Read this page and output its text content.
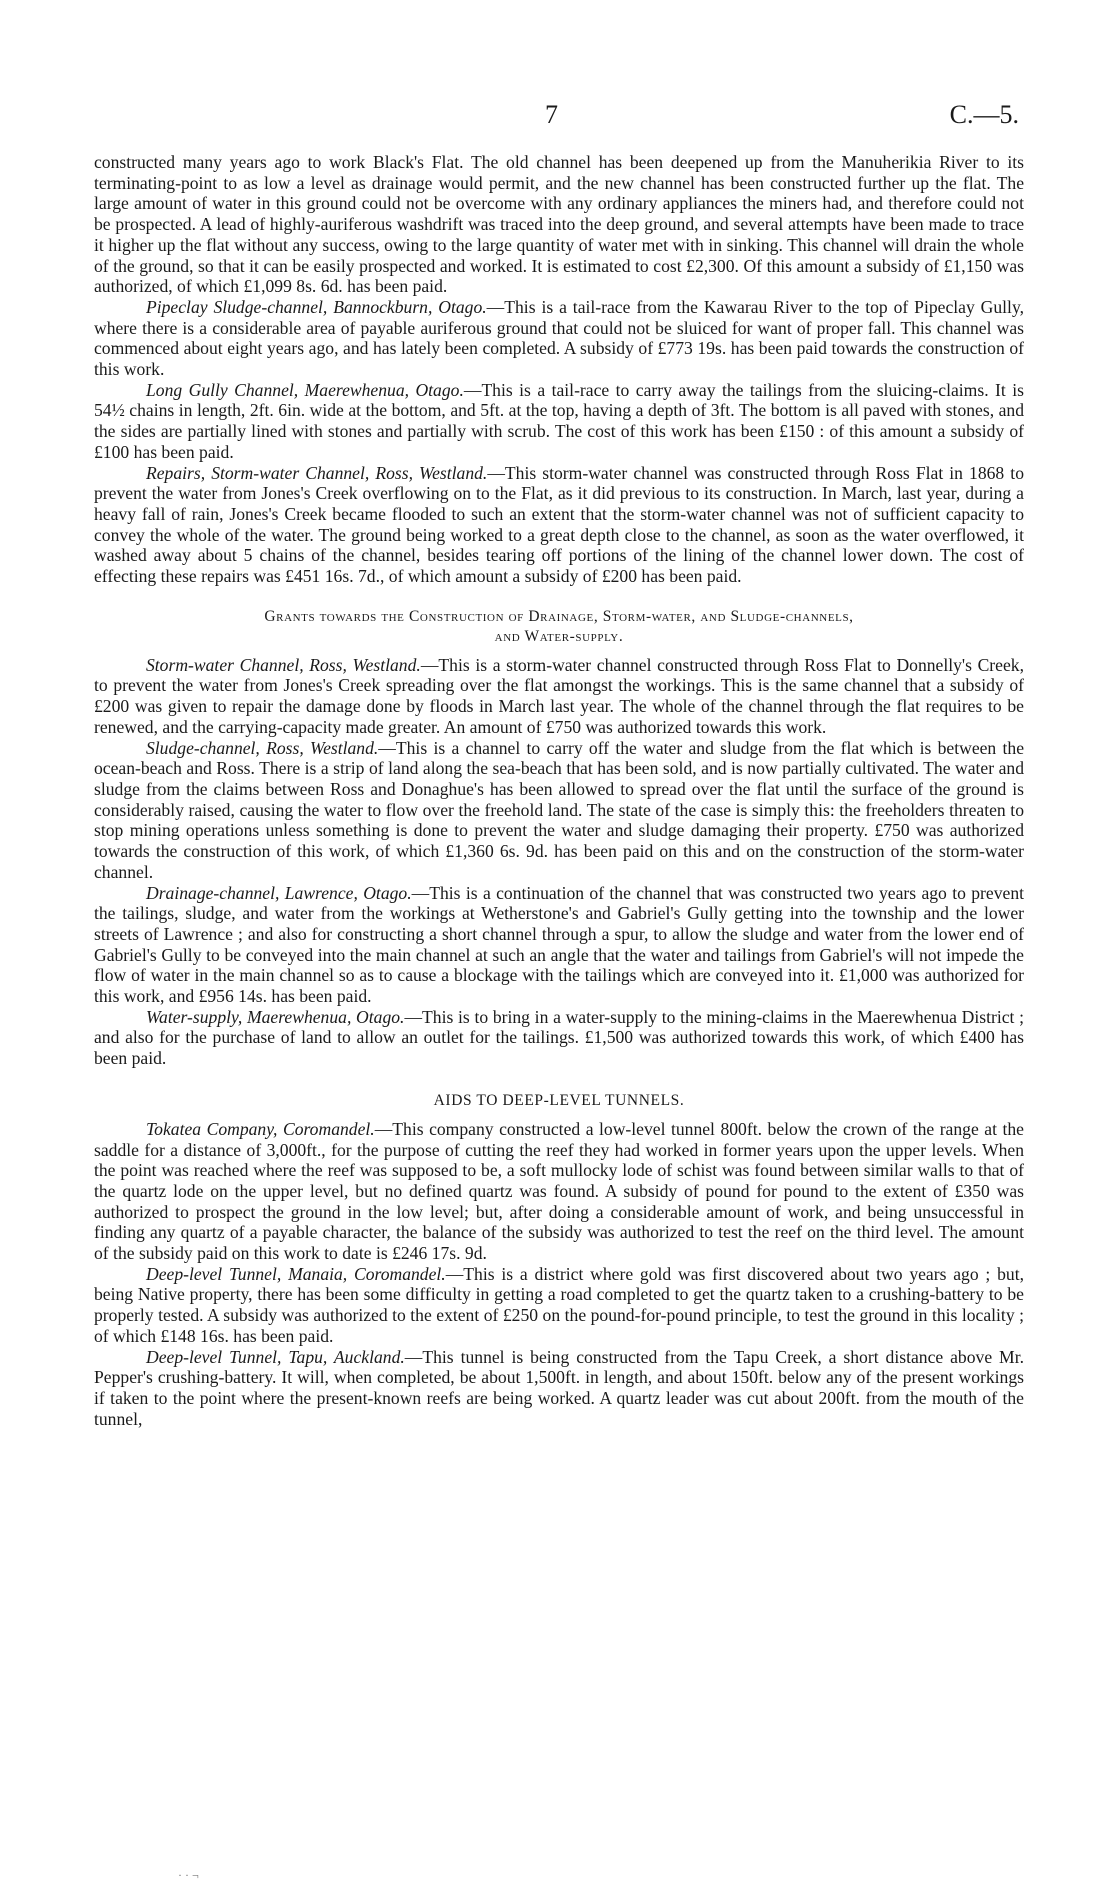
7	C.—5.

constructed many years ago to work Black's Flat. The old channel has been deepened up from the Manuherikia River to its terminating-point to as low a level as drainage would permit, and the new channel has been constructed further up the flat. The large amount of water in this ground could not be overcome with any ordinary appliances the miners had, and therefore could not be prospected. A lead of highly-auriferous washdrift was traced into the deep ground, and several attempts have been made to trace it higher up the flat without any success, owing to the large quantity of water met with in sinking. This channel will drain the whole of the ground, so that it can be easily prospected and worked. It is estimated to cost £2,300. Of this amount a subsidy of £1,150 was authorized, of which £1,099 8s. 6d. has been paid.

Pipeclay Sludge-channel, Bannockburn, Otago.—This is a tail-race from the Kawarau River to the top of Pipeclay Gully, where there is a considerable area of payable auriferous ground that could not be sluiced for want of proper fall. This channel was commenced about eight years ago, and has lately been completed. A subsidy of £773 19s. has been paid towards the construction of this work.

Long Gully Channel, Maerewhenua, Otago.—This is a tail-race to carry away the tailings from the sluicing-claims. It is 54½ chains in length, 2ft. 6in. wide at the bottom, and 5ft. at the top, having a depth of 3ft. The bottom is all paved with stones, and the sides are partially lined with stones and partially with scrub. The cost of this work has been £150 : of this amount a subsidy of £100 has been paid.

Repairs, Storm-water Channel, Ross, Westland.—This storm-water channel was constructed through Ross Flat in 1868 to prevent the water from Jones's Creek overflowing on to the Flat, as it did previous to its construction. In March, last year, during a heavy fall of rain, Jones's Creek became flooded to such an extent that the storm-water channel was not of sufficient capacity to convey the whole of the water. The ground being worked to a great depth close to the channel, as soon as the water overflowed, it washed away about 5 chains of the channel, besides tearing off portions of the lining of the channel lower down. The cost of effecting these repairs was £451 16s. 7d., of which amount a subsidy of £200 has been paid.

Grants towards the Construction of Drainage, Storm-water, and Sludge-channels,
and Water-supply.

Storm-water Channel, Ross, Westland.—This is a storm-water channel constructed through Ross Flat to Donnelly's Creek, to prevent the water from Jones's Creek spreading over the flat amongst the workings. This is the same channel that a subsidy of £200 was given to repair the damage done by floods in March last year. The whole of the channel through the flat requires to be renewed, and the carrying-capacity made greater. An amount of £750 was authorized towards this work.

Sludge-channel, Ross, Westland.—This is a channel to carry off the water and sludge from the flat which is between the ocean-beach and Ross. There is a strip of land along the sea-beach that has been sold, and is now partially cultivated. The water and sludge from the claims between Ross and Donaghue's has been allowed to spread over the flat until the surface of the ground is considerably raised, causing the water to flow over the freehold land. The state of the case is simply this: the freeholders threaten to stop mining operations unless something is done to prevent the water and sludge damaging their property. £750 was authorized towards the construction of this work, of which £1,360 6s. 9d. has been paid on this and on the construction of the storm-water channel.

Drainage-channel, Lawrence, Otago.—This is a continuation of the channel that was constructed two years ago to prevent the tailings, sludge, and water from the workings at Wetherstone's and Gabriel's Gully getting into the township and the lower streets of Lawrence ; and also for constructing a short channel through a spur, to allow the sludge and water from the lower end of Gabriel's Gully to be conveyed into the main channel at such an angle that the water and tailings from Gabriel's will not impede the flow of water in the main channel so as to cause a blockage with the tailings which are conveyed into it. £1,000 was authorized for this work, and £956 14s. has been paid.

Water-supply, Maerewhenua, Otago.—This is to bring in a water-supply to the mining-claims in the Maerewhenua District ; and also for the purchase of land to allow an outlet for the tailings. £1,500 was authorized towards this work, of which £400 has been paid.

AIDS TO DEEP-LEVEL TUNNELS.

Tokatea Company, Coromandel.—This company constructed a low-level tunnel 800ft. below the crown of the range at the saddle for a distance of 3,000ft., for the purpose of cutting the reef they had worked in former years upon the upper levels. When the point was reached where the reef was supposed to be, a soft mullocky lode of schist was found between similar walls to that of the quartz lode on the upper level, but no defined quartz was found. A subsidy of pound for pound to the extent of £350 was authorized to prospect the ground in the low level; but, after doing a considerable amount of work, and being unsuccessful in finding any quartz of a payable character, the balance of the subsidy was authorized to test the reef on the third level. The amount of the subsidy paid on this work to date is £246 17s. 9d.

Deep-level Tunnel, Manaia, Coromandel.—This is a district where gold was first discovered about two years ago ; but, being Native property, there has been some difficulty in getting a road completed to get the quartz taken to a crushing-battery to be properly tested. A subsidy was authorized to the extent of £250 on the pound-for-pound principle, to test the ground in this locality ; of which £148 16s. has been paid.

Deep-level Tunnel, Tapu, Auckland.—This tunnel is being constructed from the Tapu Creek, a short distance above Mr. Pepper's crushing-battery. It will, when completed, be about 1,500ft. in length, and about 150ft. below any of the present workings if taken to the point where the present-known reefs are being worked. A quartz leader was cut about 200ft. from the mouth of the tunnel,

· · ¬
